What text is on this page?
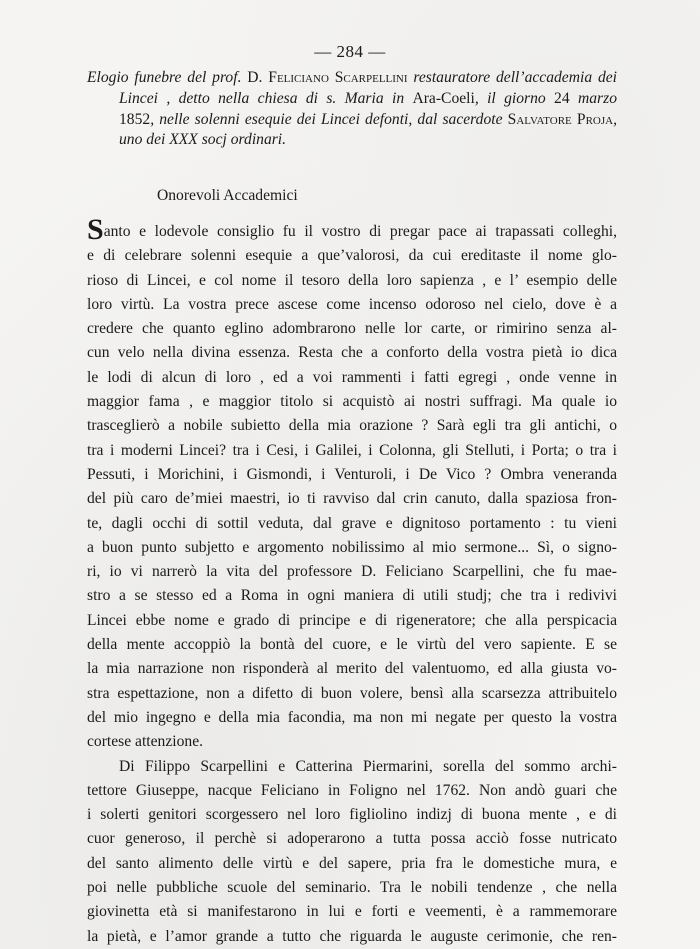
— 284 —
Elogio funebre del prof. D. Feliciano Scarpellini restauratore dell’accademia dei
Lincei , detto nella chiesa di s. Maria in Ara-Coeli, il giorno 24 marzo
1852, nelle solenni esequie dei Lincei defonti, dal sacerdote Salvatore Proja,
uno dei XXX socj ordinari.
Onorevoli Accademici
Santo e lodevole consiglio fu il vostro di pregar pace ai trapassati colleghi,
e di celebrare solenni esequie a que’valorosi, da cui ereditaste il nome glo-
rioso di Lincei, e col nome il tesoro della loro sapienza , e l’ esempio delle
loro virtù. La vostra prece ascese come incenso odoroso nel cielo, dove è a
credere che quanto eglino adombrarono nelle lor carte, or rimirino senza al-
cun velo nella divina essenza. Resta che a conforto della vostra pietà io dica
le lodi di alcun di loro , ed a voi rammenti i fatti egregi , onde venne in
maggior fama , e maggior titolo si acquistò ai nostri suffragi. Ma quale io
trasceglierò a nobile subietto della mia orazione ? Sarà egli tra gli antichi, o
tra i moderni Lincei? tra i Cesi, i Galilei, i Colonna, gli Stelluti, i Porta; o tra i
Pessuti, i Morichini, i Gismondi, i Venturoli, i De Vico ? Ombra veneranda
del più caro de’miei maestri, io ti ravviso dal crin canuto, dalla spaziosa fron-
te, dagli occhi di sottil veduta, dal grave e dignitoso portamento : tu vieni
a buon punto subjetto e argomento nobilissimo al mio sermone... Sì, o signo-
ri, io vi narrerò la vita del professore D. Feliciano Scarpellini, che fu mae-
stro a se stesso ed a Roma in ogni maniera di utili studj; che tra i redivivi
Lincei ebbe nome e grado di principe e di rigeneratore; che alla perspicacia
della mente accoppiò la bontà del cuore, e le virtù del vero sapiente. E se
la mia narrazione non risponderà al merito del valentuomo, ed alla giusta vo-
stra espettazione, non a difetto di buon volere, bensì alla scarsezza attribuitelo
del mio ingegno e della mia facondia, ma non mi negate per questo la vostra
cortese attenzione.
Di Filippo Scarpellini e Catterina Piermarini, sorella del sommo archi-
tettore Giuseppe, nacque Feliciano in Foligno nel 1762. Non andò guari che
i solerti genitori scorgessero nel loro figliolino indizj di buona mente , e di
cuor generoso, il perchè si adoperarono a tutta possa acciò fosse nutricato
del santo alimento delle virtù e del sapere, pria fra le domestiche mura, e
poi nelle pubbliche scuole del seminario. Tra le nobili tendenze , che nella
giovinetta età si manifestarono in lui e forti e veementi, è a rammemorare
la pietà, e l’amor grande a tutto che riguarda le auguste cerimonie, che ren-
